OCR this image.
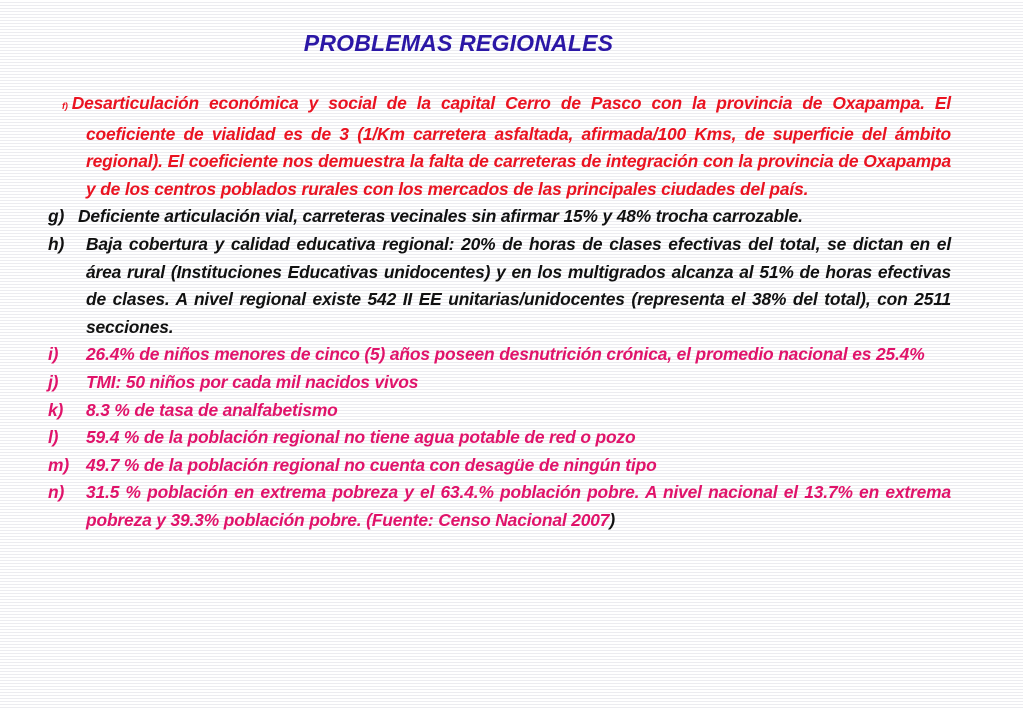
PROBLEMAS REGIONALES
f) Desarticulación económica y social de la capital Cerro de Pasco con la provincia de Oxapampa. El coeficiente de vialidad es de 3 (1/Km carretera asfaltada, afirmada/100 Kms, de superficie del ámbito regional). El coeficiente nos demuestra la falta de carreteras de integración con la provincia de Oxapampa y de los centros poblados rurales con los mercados de las principales ciudades del país.
g) Deficiente articulación vial, carreteras vecinales sin afirmar 15% y 48% trocha carrozable.
h) Baja cobertura y calidad educativa regional: 20% de horas de clases efectivas del total, se dictan en el área rural (Instituciones Educativas unidocentes) y en los multigrados alcanza al 51% de horas efectivas de clases. A nivel regional existe 542 II EE unitarias/unidocentes (representa el 38% del total), con 2511 secciones.
i) 26.4% de niños menores de cinco (5) años poseen desnutrición crónica, el promedio nacional es 25.4%
j) TMI: 50 niños por cada mil nacidos vivos
k) 8.3 % de tasa de analfabetismo
l) 59.4 % de la población regional no tiene agua potable de red o pozo
m) 49.7 % de la población regional no cuenta con desagüe de ningún tipo
n) 31.5 % población en extrema pobreza y el 63.4.% población pobre. A nivel nacional el 13.7% en extrema pobreza y 39.3% población pobre. (Fuente: Censo Nacional 2007)
